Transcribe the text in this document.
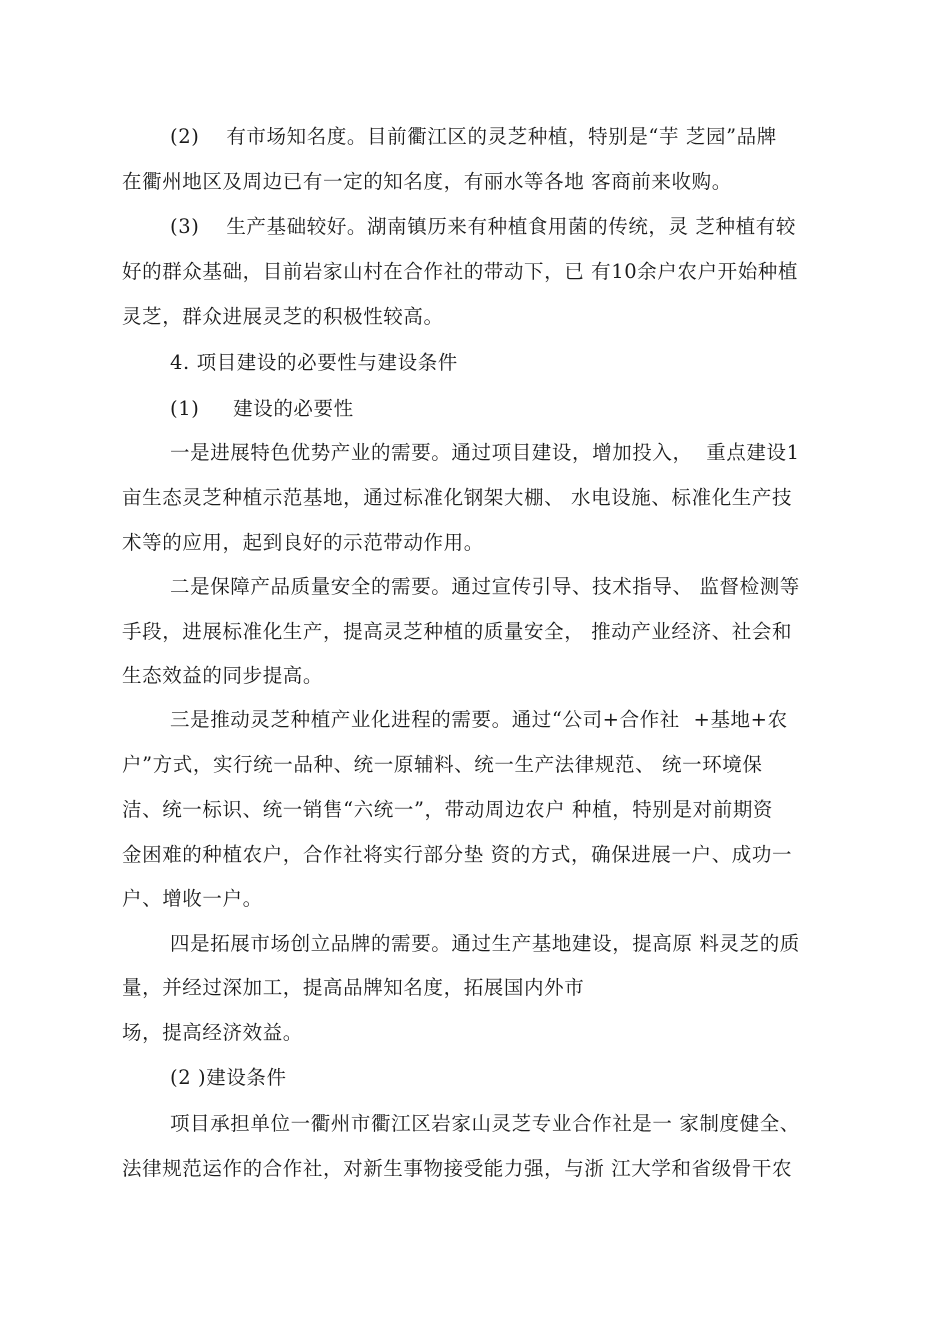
(2)　 有市场知名度。目前衢江区的灵芝种植，特别是“芋 芝园”品牌
在衢州地区及周边已有一定的知名度，有丽水等各地 客商前来收购。
(3)　 生产基础较好。湖南镇历来有种植食用菌的传统，灵 芝种植有较
好的群众基础，目前岩家山村在合作社的带动下，已 有10余户农户开始种植
灵芝，群众进展灵芝的积极性较高。
4. 项目建设的必要性与建设条件
(1)　  建设的必要性
一是进展特色优势产业的需要。通过项目建设，增加投入，  重点建设1
亩生态灵芝种植示范基地，通过标准化钢架大棚、 水电设施、标准化生产技
术等的应用，起到良好的示范带动作用。
二是保障产品质量安全的需要。通过宣传引导、技术指导、 监督检测等
手段，进展标准化生产，提高灵芝种植的质量安全， 推动产业经济、社会和
生态效益的同步提高。
三是推动灵芝种植产业化进程的需要。通过“公司+合作社  +基地+农
户”方式，实行统一品种、统一原辅料、统一生产法律规范、 统一环境保
洁、统一标识、统一销售“六统一”，带动周边农户 种植，特别是对前期资
金困难的种植农户，合作社将实行部分垫 资的方式，确保进展一户、成功一
户、增收一户。
四是拓展市场创立品牌的需要。通过生产基地建设，提高原 料灵芝的质
量，并经过深加工，提高品牌知名度，拓展国内外市
场，提高经济效益。
(2 )建设条件
项目承担单位一衢州市衢江区岩家山灵芝专业合作社是一 家制度健全、
法律规范运作的合作社，对新生事物接受能力强，与浙 江大学和省级骨干农
